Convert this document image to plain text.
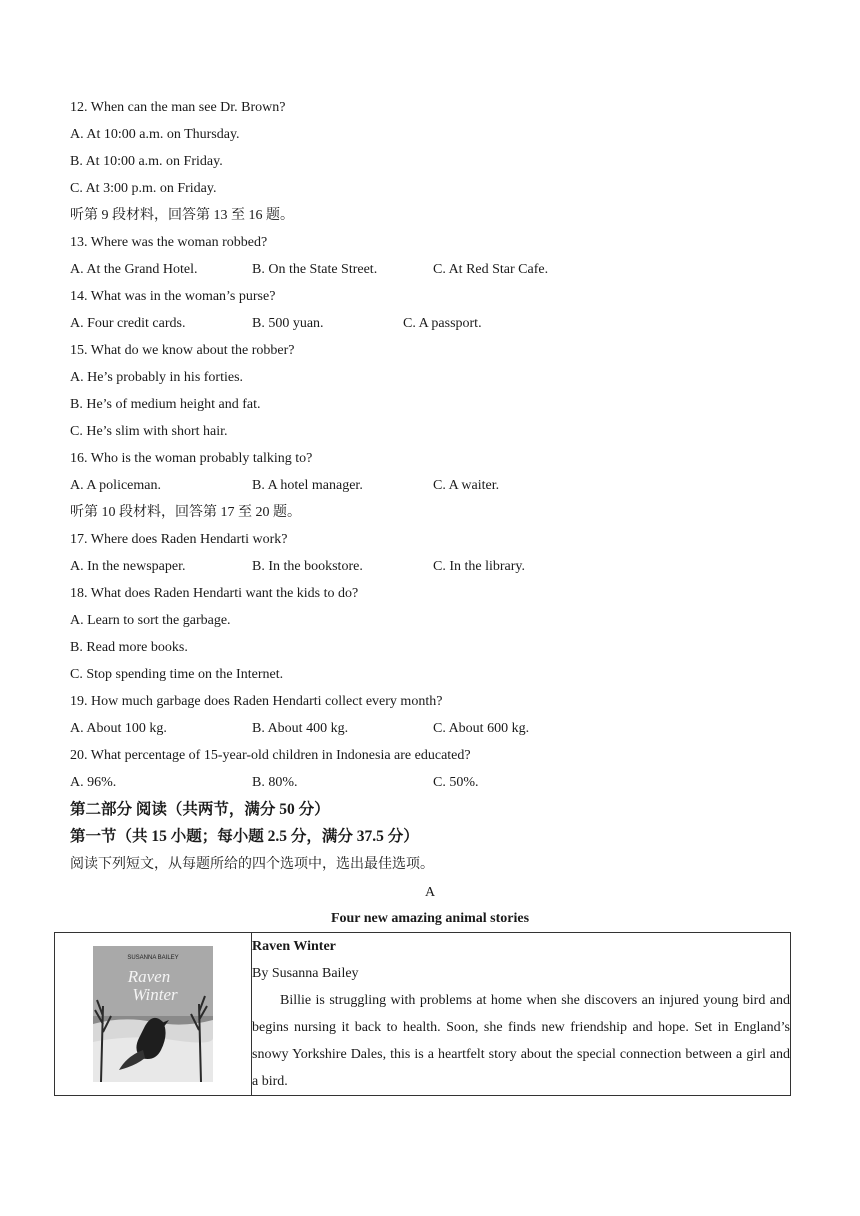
12. When can the man see Dr. Brown?
A. At 10:00 a.m. on Thursday.
B. At 10:00 a.m. on Friday.
C. At 3:00 p.m. on Friday.
听第 9 段材料，回答第 13 至 16 题。
13. Where was the woman robbed?
A. At the Grand Hotel.	B. On the State Street.	C. At Red Star Cafe.
14. What was in the woman’s purse?
A. Four credit cards.	B. 500 yuan.	C. A passport.
15. What do we know about the robber?
A. He’s probably in his forties.
B. He’s of medium height and fat.
C. He’s slim with short hair.
16. Who is the woman probably talking to?
A. A policeman.	B. A hotel manager.	C. A waiter.
听第 10 段材料，回答第 17 至 20 题。
17. Where does Raden Hendarti work?
A. In the newspaper.	B. In the bookstore.	C. In the library.
18. What does Raden Hendarti want the kids to do?
A. Learn to sort the garbage.
B. Read more books.
C. Stop spending time on the Internet.
19. How much garbage does Raden Hendarti collect every month?
A. About 100 kg.	B. About 400 kg.	C. About 600 kg.
20. What percentage of 15-year-old children in Indonesia are educated?
A. 96%.	B. 80%.	C. 50%.
第二部分 阅读（共两节，满分 50 分）
第一节（共 15 小题；每小题 2.5 分，满分 37.5 分）
阅读下列短文，从每题所给的四个选项中，选出最佳选项。
A
Four new amazing animal stories
SUSANNA BAILEY
Raven
Winter

Raven Winter
By Susanna Bailey
Billie is struggling with problems at home when she discovers an injured young bird and begins nursing it back to health. Soon, she finds new friendship and hope. Set in England’s snowy Yorkshire Dales, this is a heartfelt story about the special connection between a girl and a bird.
